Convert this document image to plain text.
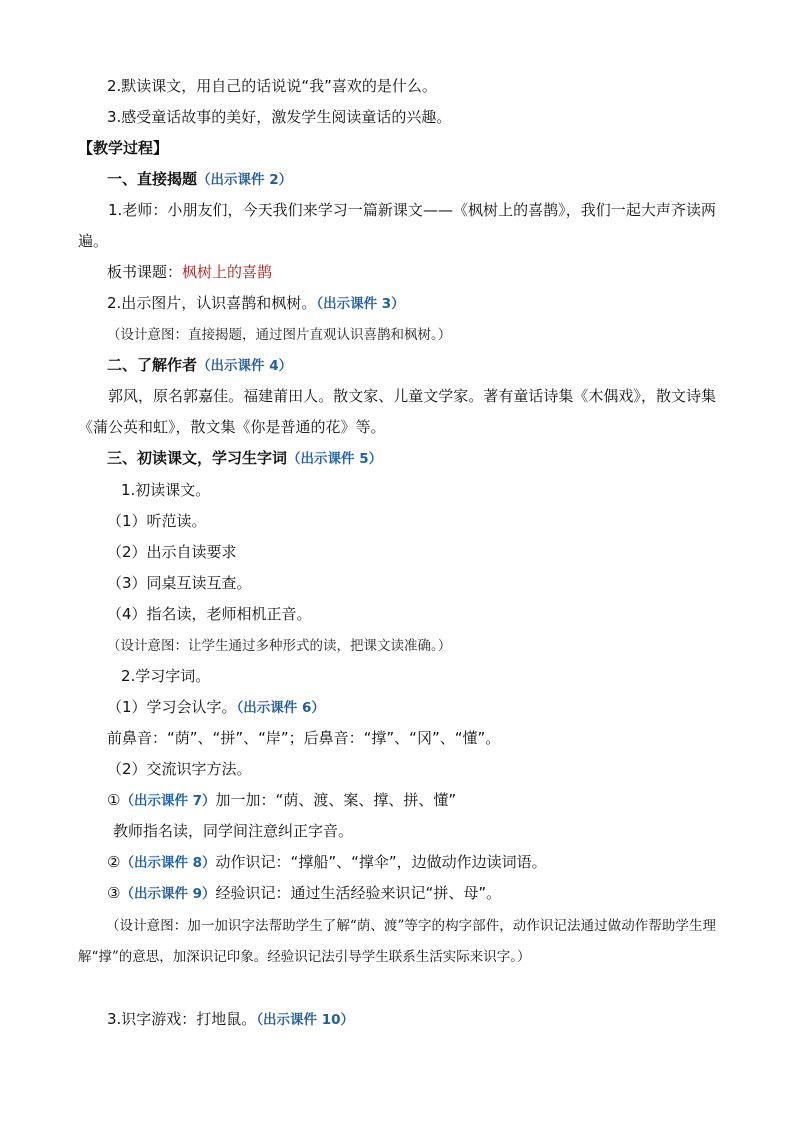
2.默读课文，用自己的话说说“我”喜欢的是什么。
3.感受童话故事的美好，激发学生阅读童话的兴趣。
【教学过程】
一、直接揭题（出示课件 2）
1.老师：小朋友们，今天我们来学习一篇新课文——《枫树上的喜鹊》，我们一起大声齐读两遍。
板书课题：枫树上的喜鹊
2.出示图片，认识喜鹊和枫树。（出示课件 3）
（设计意图：直接揭题，通过图片直观认识喜鹊和枫树。）
二、了解作者（出示课件 4）
郭风，原名郭嘉佳。福建莆田人。散文家、儿童文学家。著有童话诗集《木偶戏》，散文诗集《蒲公英和虹》，散文集《你是普通的花》等。
三、初读课文，学习生字词（出示课件 5）
1.初读课文。
（1）听范读。
（2）出示自读要求
（3）同桌互读互查。
（4）指名读，老师相机正音。
（设计意图：让学生通过多种形式的读，把课文读准确。）
2.学习字词。
（1）学习会认字。（出示课件 6）
前鼻音：“荫”、“拼”、“岸”；后鼻音：“撑”、“冈”、“懂”。
（2）交流识字方法。
①（出示课件 7）加一加：“荫、渡、案、撑、拼、懂”
教师指名读，同学间注意纠正字音。
②（出示课件 8）动作识记：“撑船”、“撑伞”，边做动作边读词语。
③（出示课件 9）经验识记：通过生活经验来识记“拼、母”。
（设计意图：加一加识字法帮助学生了解“荫、渡”等字的构字部件，动作识记法通过做动作帮助学生理解“撑”的意思，加深识记印象。经验识记法引导学生联系生活实际来识字。）
3.识字游戏：打地鼠。（出示课件 10）
